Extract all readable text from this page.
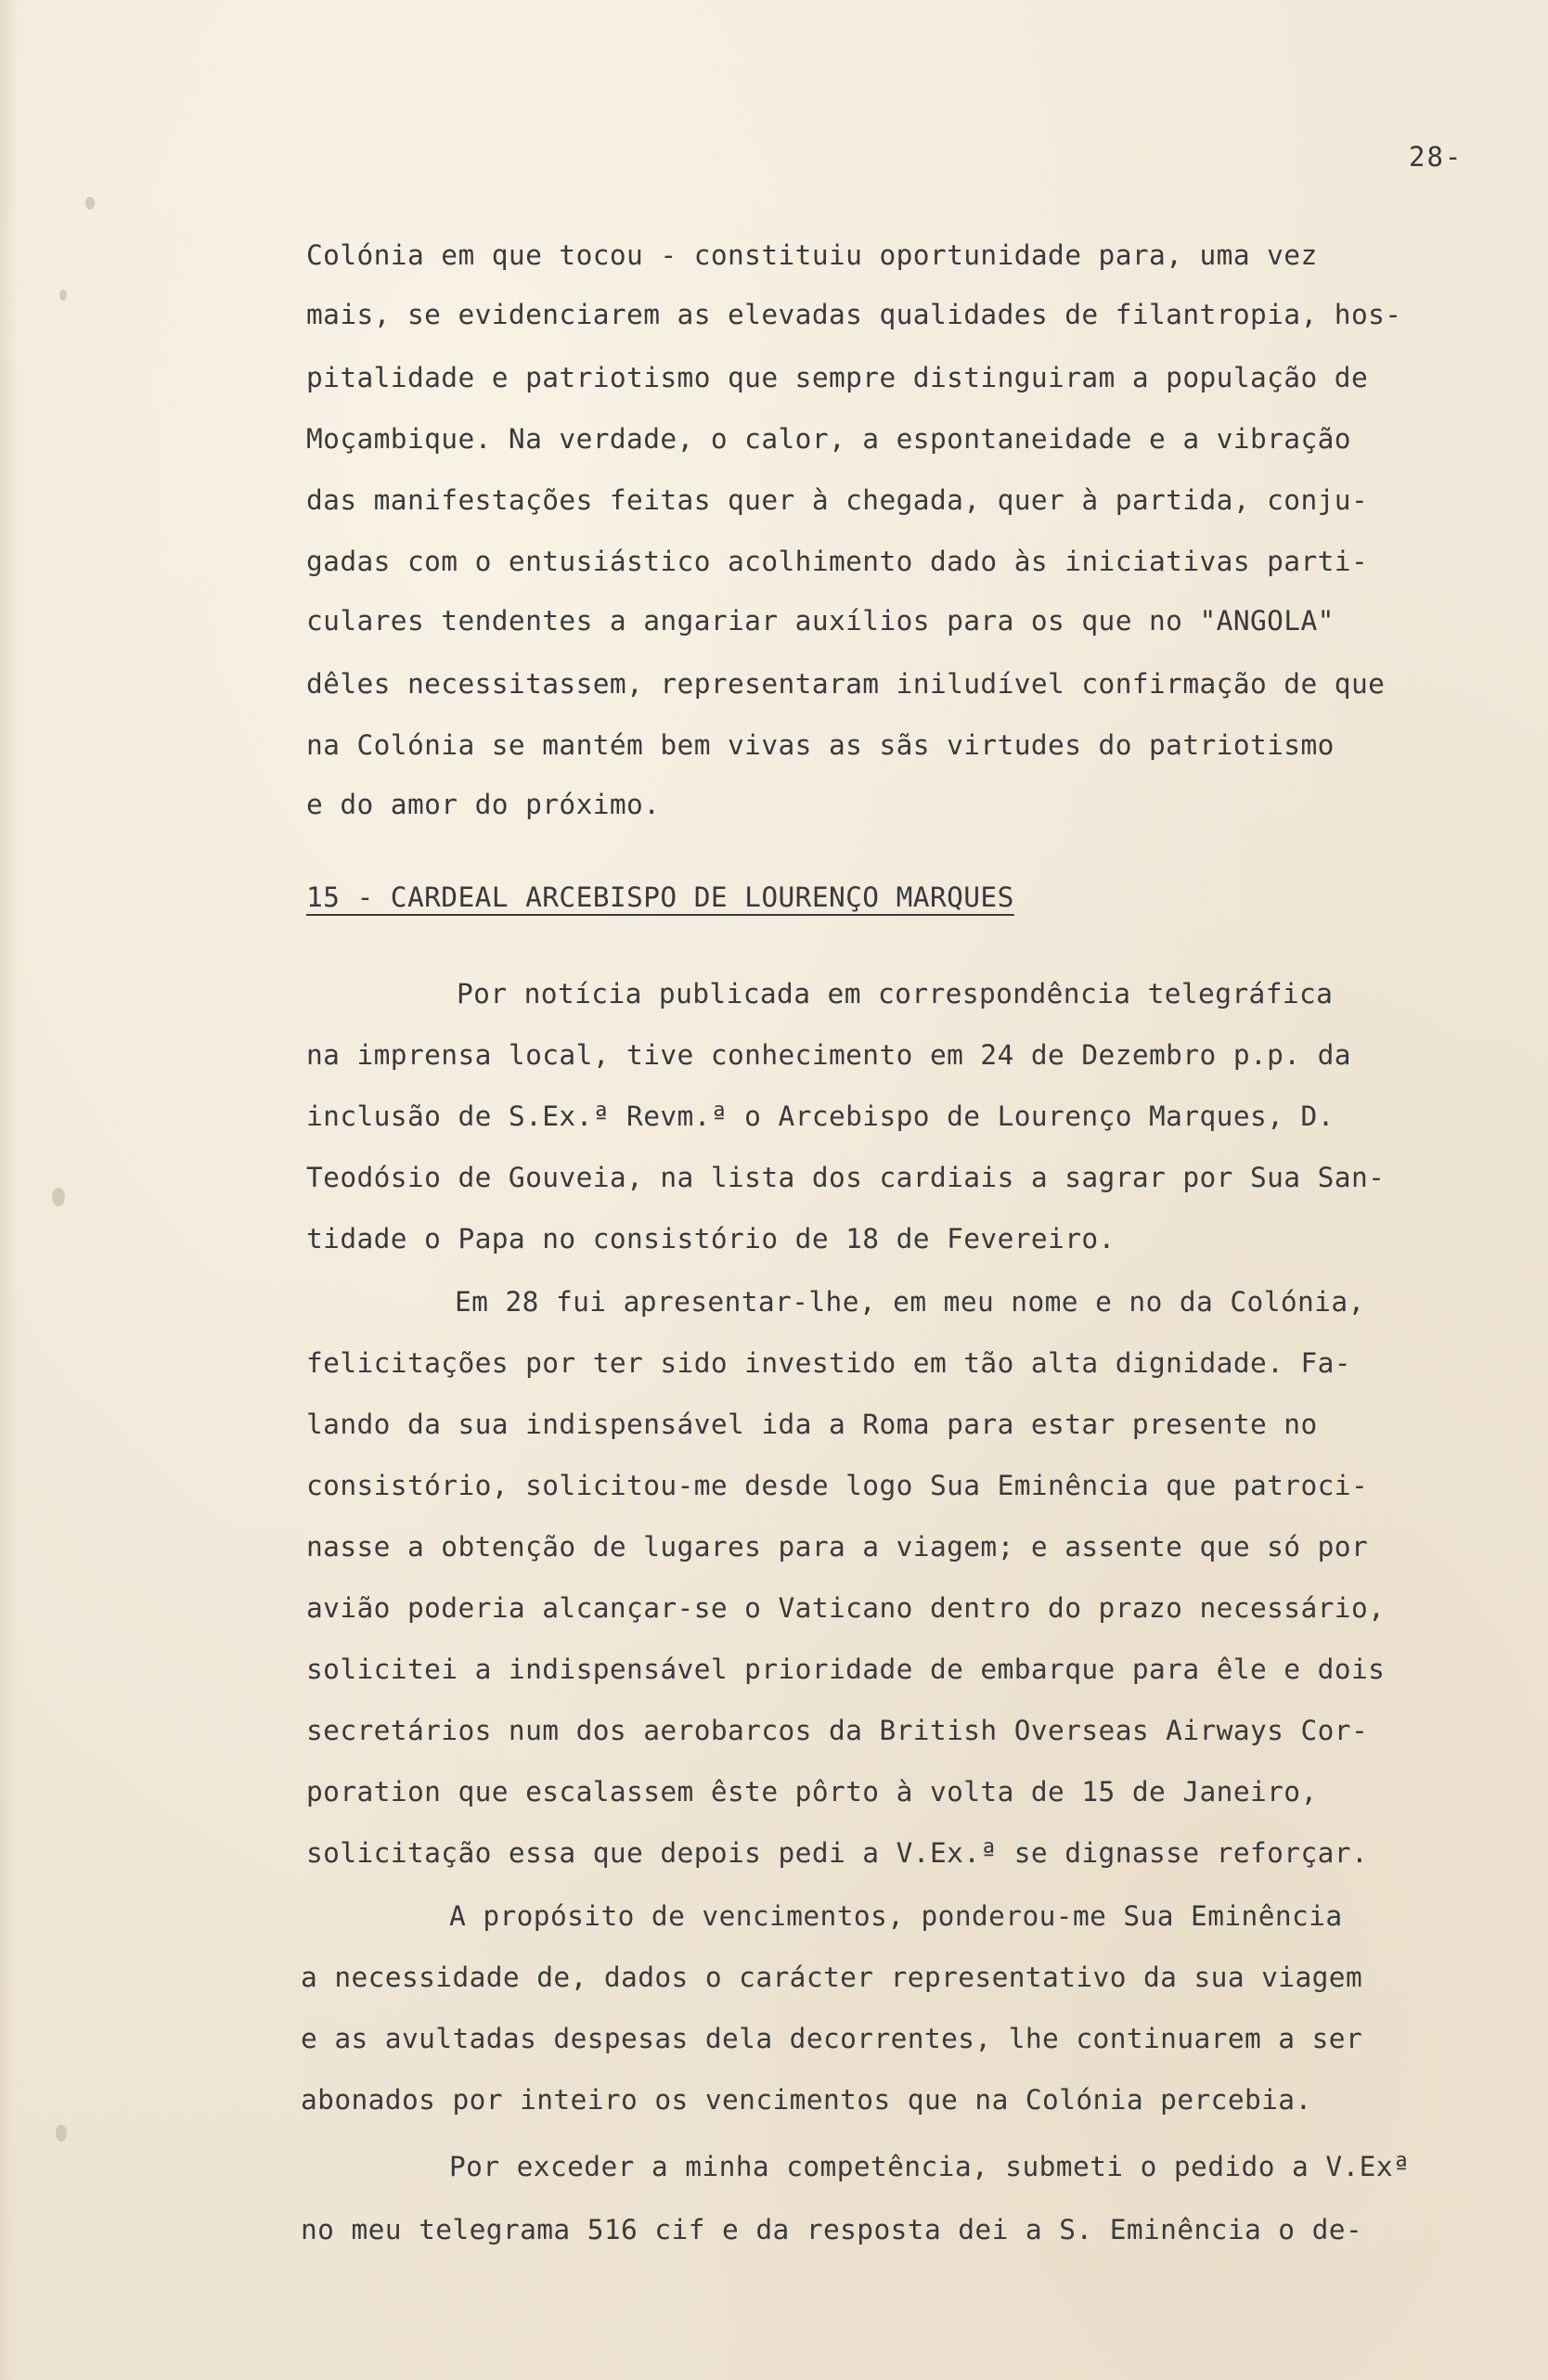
28-
Colónia em que tocou - constituiu oportunidade para, uma vez
mais, se evidenciarem as elevadas qualidades de filantropia, hos-
pitalidade e patriotismo que sempre distinguiram a população de
Moçambique. Na verdade, o calor, a espontaneidade e a vibração
das manifestações feitas quer à chegada, quer à partida, conju-
gadas com o entusiástico acolhimento dado às iniciativas parti-
culares tendentes a angariar auxílios para os que no "ANGOLA"
dêles necessitassem, representaram iniludível confirmação de que
na Colónia se mantém bem vivas as sãs virtudes do patriotismo
e do amor do próximo.
15 - CARDEAL ARCEBISPO DE LOURENÇO MARQUES
Por notícia publicada em correspondência telegráfica
na imprensa local, tive conhecimento em 24 de Dezembro p.p. da
inclusão de S.Ex.ª Revm.ª o Arcebispo de Lourenço Marques, D.
Teodósio de Gouveia, na lista dos cardiais a sagrar por Sua San-
tidade o Papa no consistório de 18 de Fevereiro.
Em 28 fui apresentar-lhe, em meu nome e no da Colónia,
felicitações por ter sido investido em tão alta dignidade. Fa-
lando da sua indispensável ida a Roma para estar presente no
consistório, solicitou-me desde logo Sua Eminência que patroci-
nasse a obtenção de lugares para a viagem; e assente que só por
avião poderia alcançar-se o Vaticano dentro do prazo necessário,
solicitei a indispensável prioridade de embarque para êle e dois
secretários num dos aerobarcos da British Overseas Airways Cor-
poration que escalassem êste pôrto à volta de 15 de Janeiro,
solicitação essa que depois pedi a V.Ex.ª se dignasse reforçar.
A propósito de vencimentos, ponderou-me Sua Eminência
a necessidade de, dados o carácter representativo da sua viagem
e as avultadas despesas dela decorrentes, lhe continuarem a ser
abonados por inteiro os vencimentos que na Colónia percebia.
Por exceder a minha competência, submeti o pedido a V.Exª
no meu telegrama 516 cif e da resposta dei a S. Eminência o de-
